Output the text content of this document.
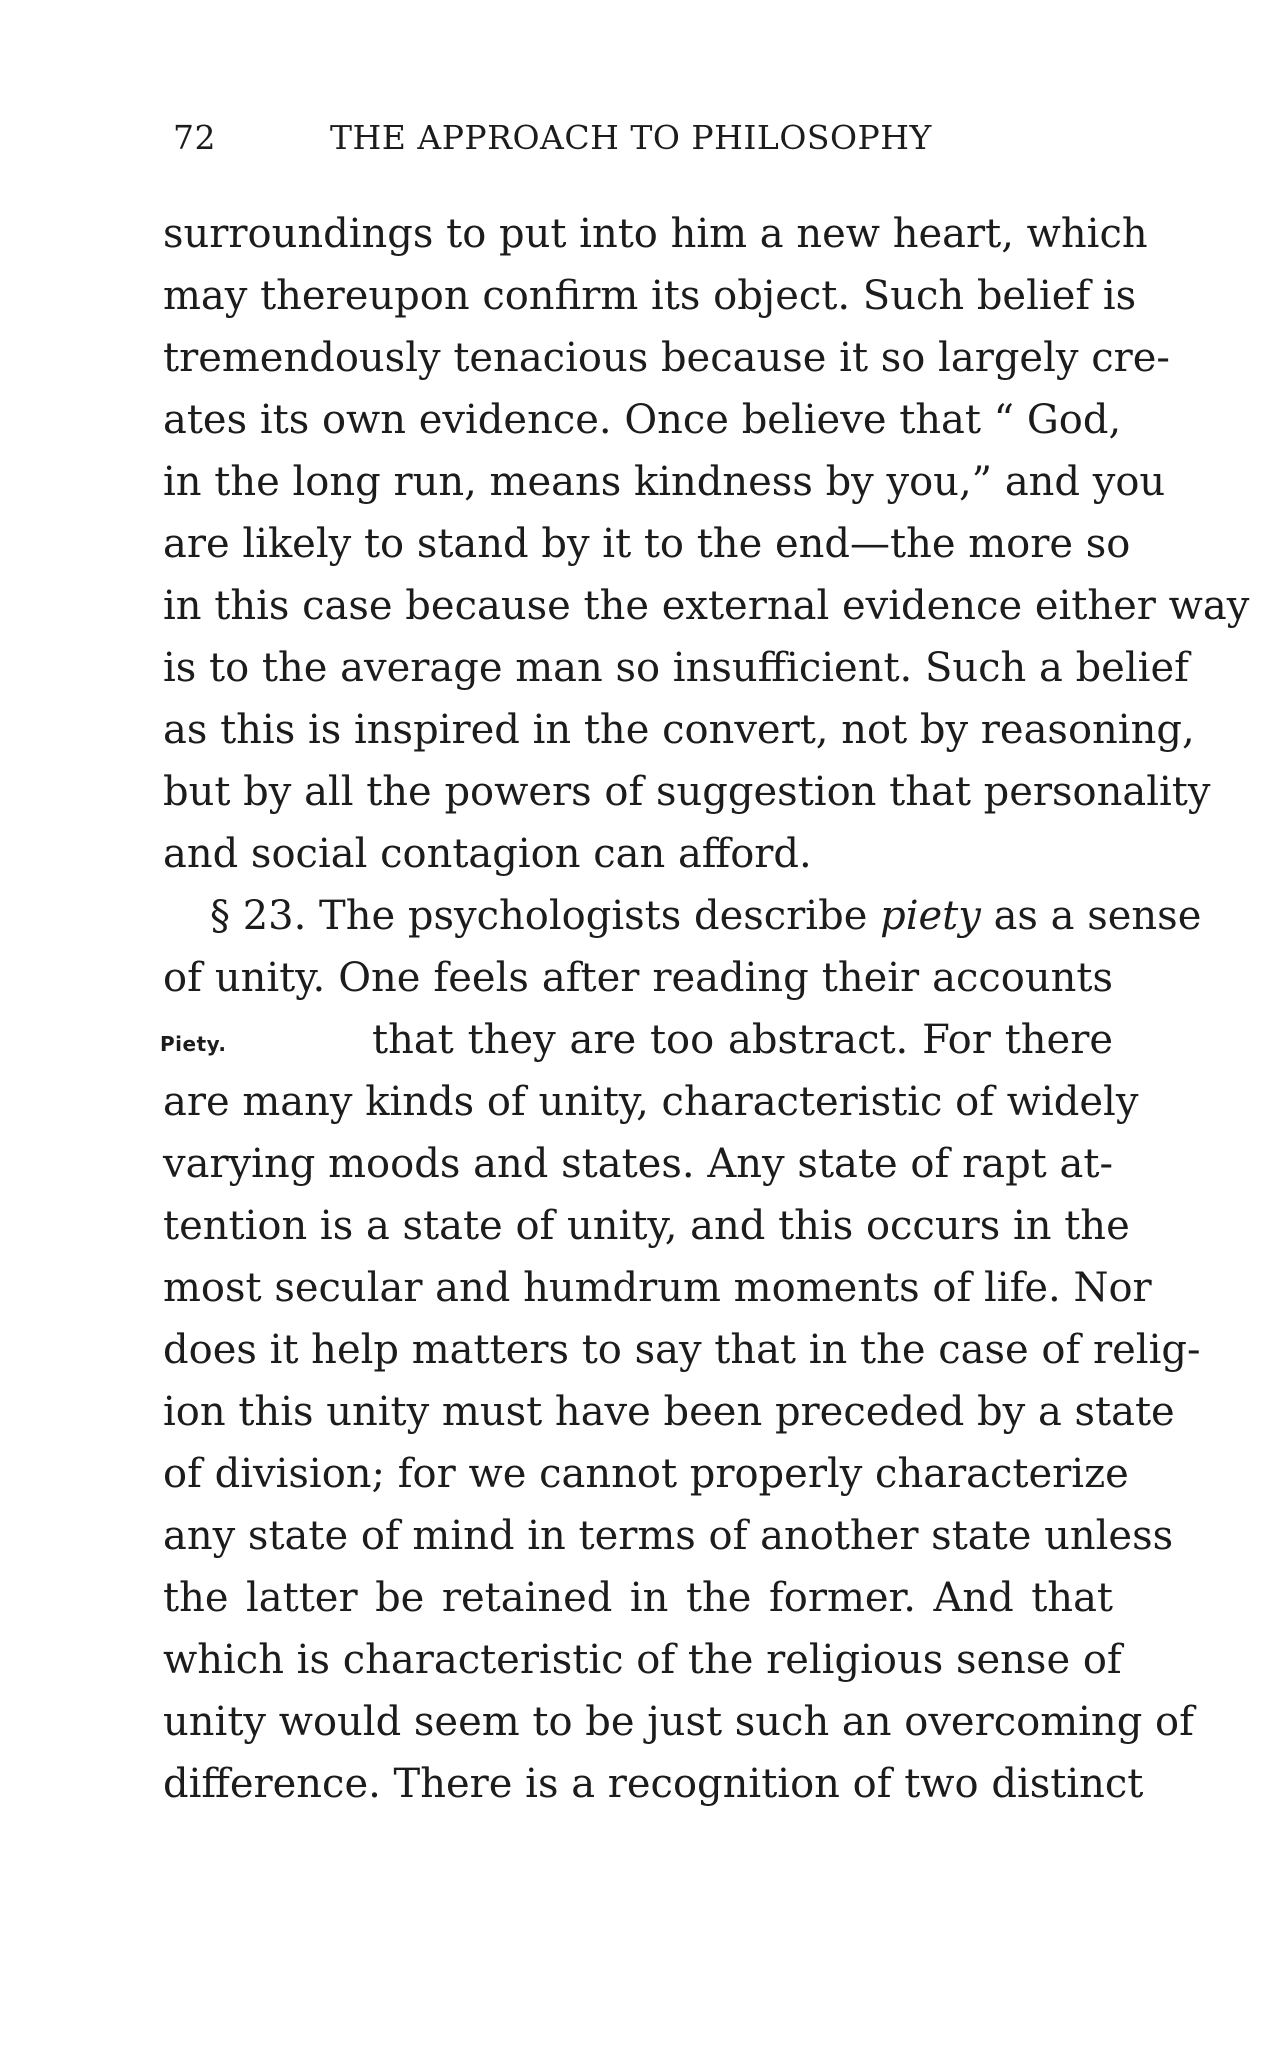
72	THE APPROACH TO PHILOSOPHY
Piety.
surroundings to put into him a new heart, which
may thereupon confirm its object. Such belief is
tremendously tenacious because it so largely cre-
ates its own evidence. Once believe that “ God,
in the long run, means kindness by you,” and you
are likely to stand by it to the end—the more so
in this case because the external evidence either way
is to the average man so insufficient. Such a belief
as this is inspired in the convert, not by reasoning,
but by all the powers of suggestion that personality
and social contagion can afford.
§ 23. The psychologists describe piety as a sense
of unity. One feels after reading their accounts
that they are too abstract. For there
are many kinds of unity, characteristic of widely
varying moods and states. Any state of rapt at-
tention is a state of unity, and this occurs in the
most secular and humdrum moments of life. Nor
does it help matters to say that in the case of relig-
ion this unity must have been preceded by a state
of division; for we cannot properly characterize
any state of mind in terms of another state unless
the latter be retained in the former. And that
which is characteristic of the religious sense of
unity would seem to be just such an overcoming of
difference. There is a recognition of two distinct
